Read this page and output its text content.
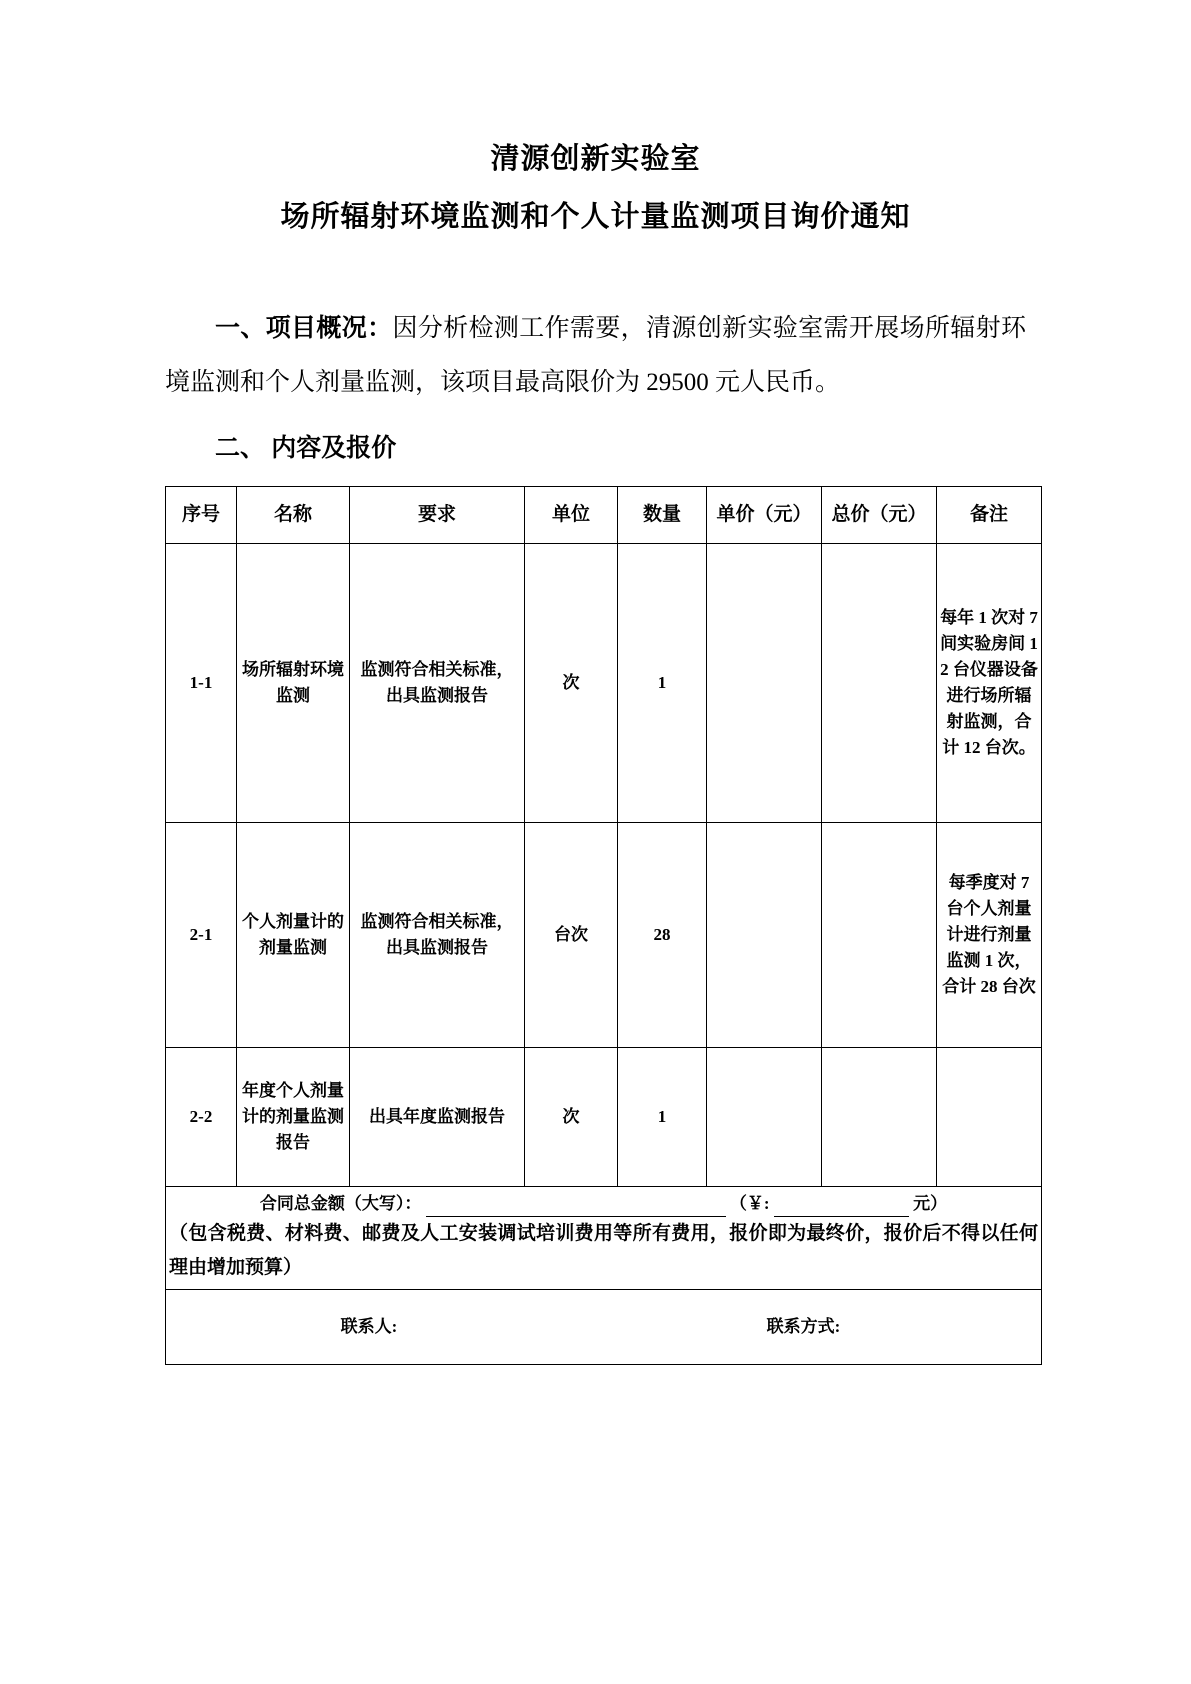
清源创新实验室
场所辐射环境监测和个人计量监测项目询价通知
一、项目概况：因分析检测工作需要，清源创新实验室需开展场所辐射环境监测和个人剂量监测，该项目最高限价为 29500 元人民币。
二、 内容及报价
序号	名称	要求	单位	数量	单价（元）	总价（元）	备注
1-1	场所辐射环境监测	监测符合相关标准，出具监测报告	次	1			每年 1 次对 7 间实验房间 1 2 台仪器设备进行场所辐射监测，合计 12 台次。
2-1	个人剂量计的剂量监测	监测符合相关标准，出具监测报告	台次	28			每季度对 7 台个人剂量计进行剂量监测 1 次，合计 28 台次
2-2	年度个人剂量计的剂量监测报告	出具年度监测报告	次	1			

合同总金额（大写）： （￥: 元）
（包含税费、材料费、邮费及人工安装调试培训费用等所有费用，报价即为最终价，报价后不得以任何理由增加预算）							

联系人: 联系方式:							
